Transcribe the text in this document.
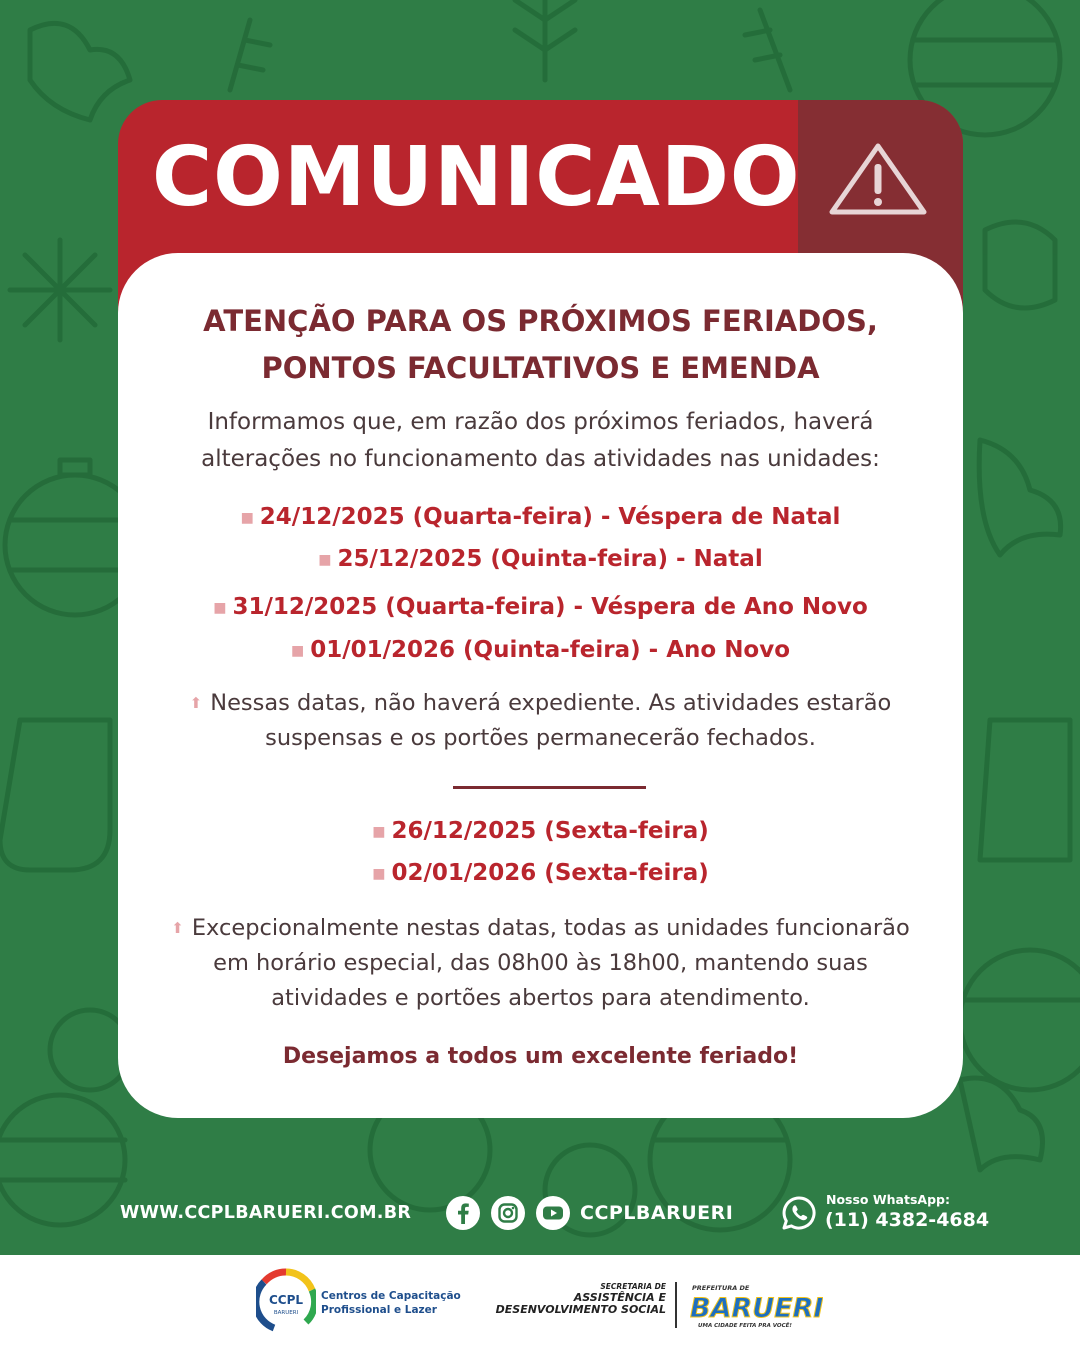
COMUNICADO
ATENÇÃO PARA OS PRÓXIMOS FERIADOS,
PONTOS FACULTATIVOS E EMENDA
Informamos que, em razão dos próximos feriados, haverá
alterações no funcionamento das atividades nas unidades:
■ 24/12/2025 (Quarta-feira) - Véspera de Natal
■ 25/12/2025 (Quinta-feira) - Natal
■ 31/12/2025 (Quarta-feira) - Véspera de Ano Novo
■ 01/01/2026 (Quinta-feira) - Ano Novo
⬆ Nessas datas, não haverá expediente. As atividades estarão
suspensas e os portões permanecerão fechados.
■ 26/12/2025 (Sexta-feira)
■ 02/01/2026 (Sexta-feira)
⬆ Excepcionalmente nestas datas, todas as unidades funcionarão
em horário especial, das 08h00 às 18h00, mantendo suas
atividades e portões abertos para atendimento.
Desejamos a todos um excelente feriado!
WWW.CCPLBARUERI.COM.BR	CCPLBARUERI
Nosso WhatsApp:
(11) 4382-4684
CCPL
BARUERI
Centros de Capacitação
Profissional e Lazer
SECRETARIA DE
ASSISTÊNCIA E
DESENVOLVIMENTO SOCIAL
PREFEITURA DE
BARUERI
UMA CIDADE FEITA PRA VOCÊ!
